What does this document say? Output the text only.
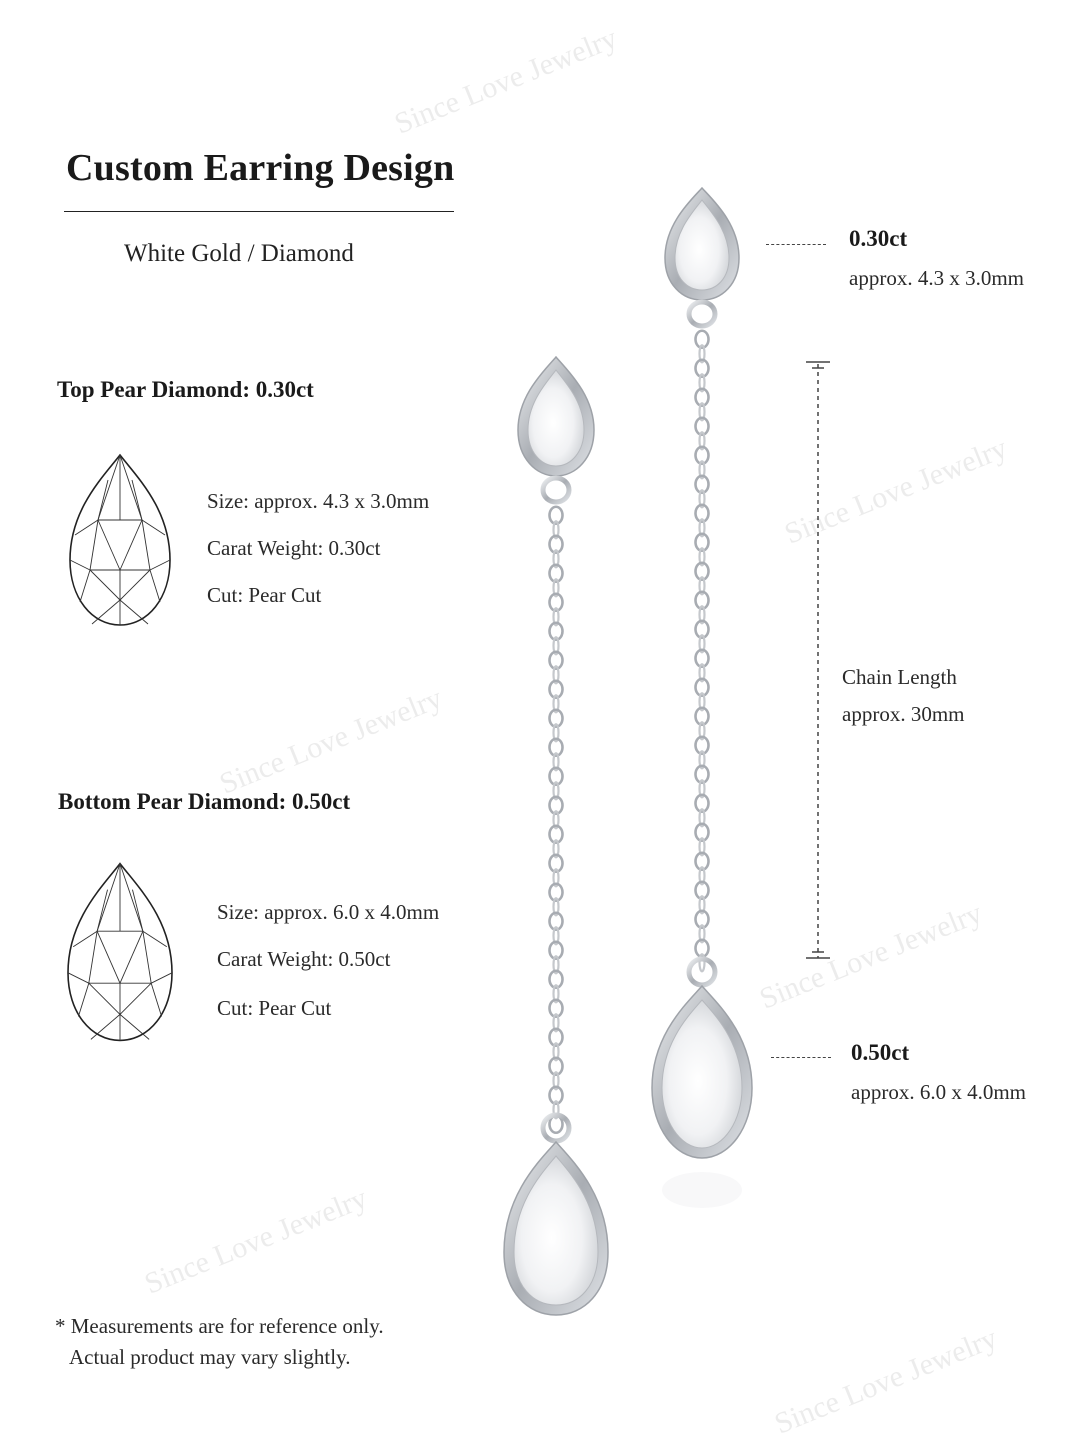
Since Love Jewelry
Since Love Jewelry
Since Love Jewelry
Since Love Jewelry
Since Love Jewelry
Since Love Jewelry
Custom Earring Design
White Gold / Diamond
Top Pear Diamond: 0.30ct
Size: approx. 4.3 x 3.0mm
Carat Weight: 0.30ct
Cut: Pear Cut
Bottom Pear Diamond: 0.50ct
Size: approx. 6.0 x 4.0mm
Carat Weight: 0.50ct
Cut: Pear Cut
* Measurements are for reference only.
Actual product may vary slightly.
0.30ct
approx. 4.3 x 3.0mm
Chain Length
approx. 30mm
0.50ct
approx. 6.0 x 4.0mm
